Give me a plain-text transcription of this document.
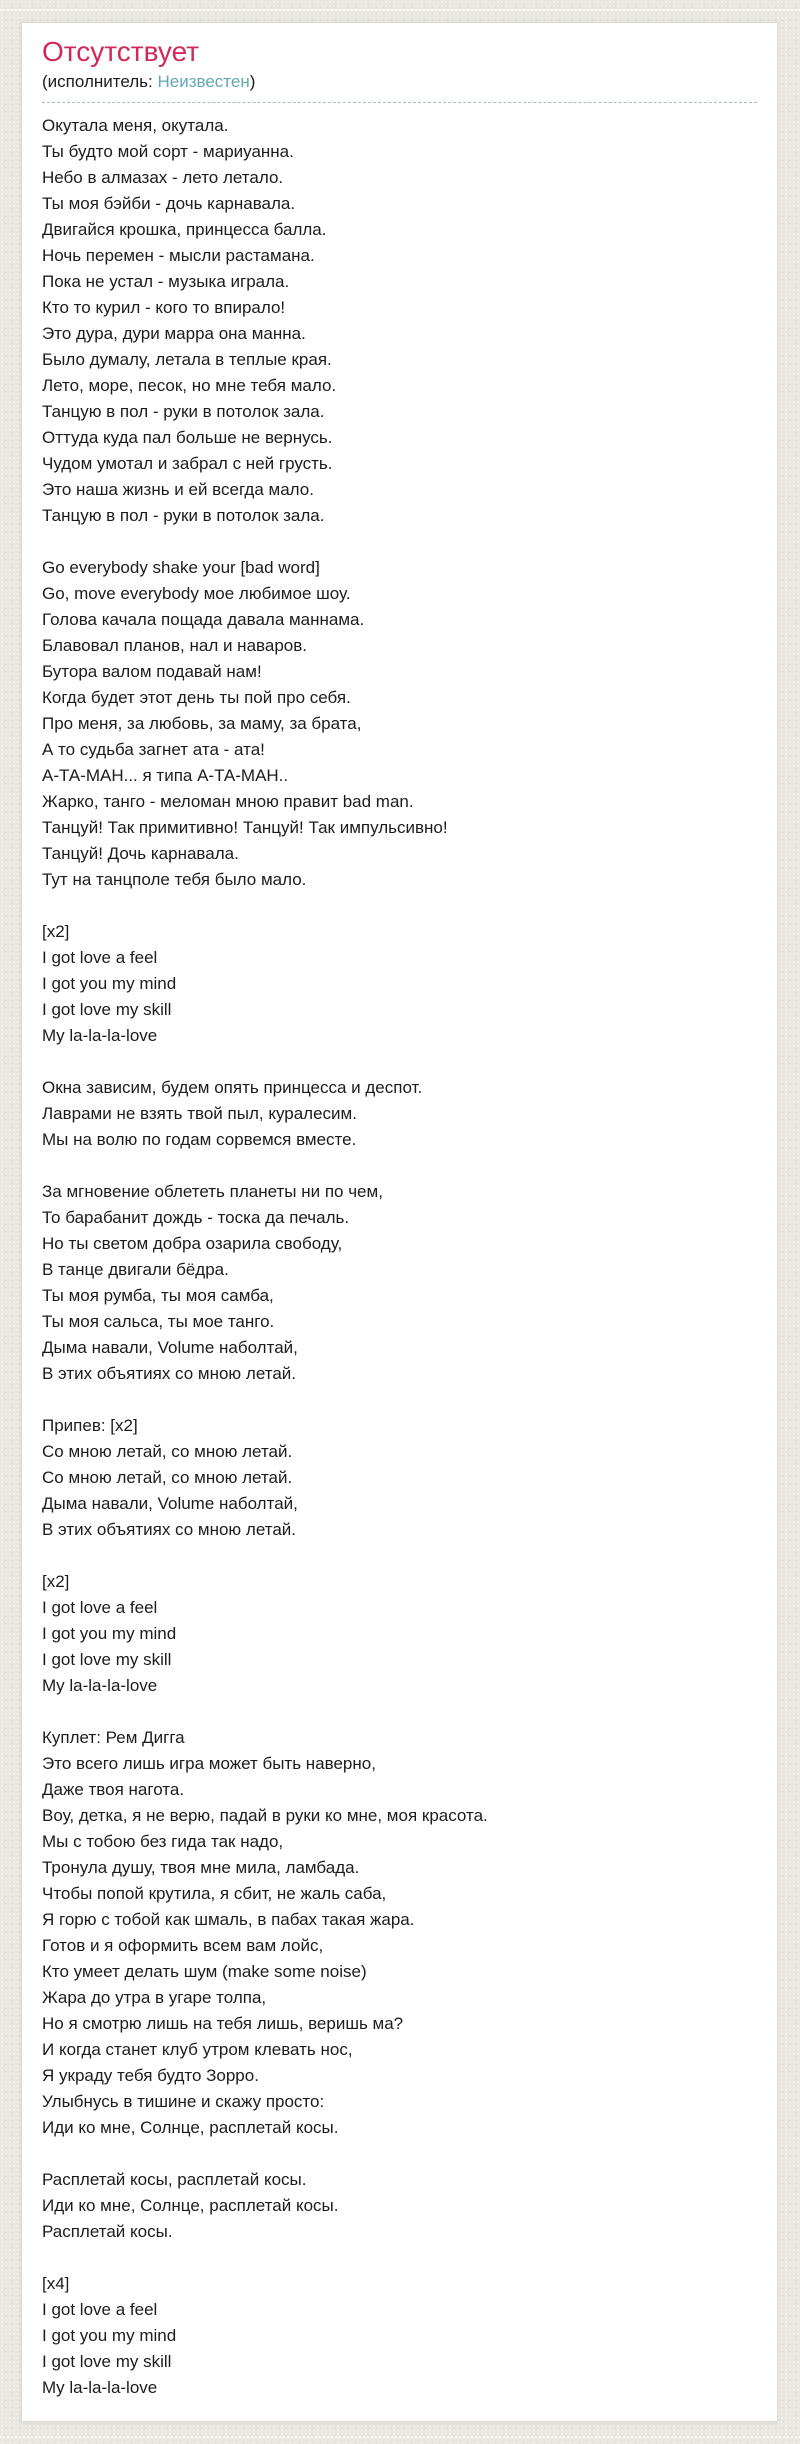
Отсутствует
(исполнитель: Неизвестен)
Окутала меня, окутала.
Ты будто мой сорт - мариуанна.
Небо в алмазах - лето летало.
Ты моя бэйби - дочь карнавала.
Двигайся крошка, принцесса балла.
Ночь перемен - мысли растамана.
Пока не устал - музыка играла.
Кто то курил - кого то впирало!
Это дура, дури марра она манна.
Было думалу, летала в теплые края.
Лето, море, песок, но мне тебя мало.
Танцую в пол - руки в потолок зала.
Оттуда куда пал больше не вернусь.
Чудом умотал и забрал с ней грусть.
Это наша жизнь и ей всегда мало.
Танцую в пол - руки в потолок зала.
Go everybody shake your [bad word]
Go, move everybody мое любимое шоу.
Голова качала пощада давала маннама.
Блавовал планов, нал и наваров.
Бутора валом подавай нам!
Когда будет этот день ты пой про себя.
Про меня, за любовь, за маму, за брата,
А то судьба загнет ата - ата!
А-ТА-МАН... я типа А-ТА-МАН..
Жарко, танго - меломан мною правит bad man.
Танцуй! Так примитивно! Танцуй! Так импульсивно!
Танцуй! Дочь карнавала.
Тут на танцполе тебя было мало.
[x2]
I got love a feel
I got you my mind
I got love my skill
My la-la-la-love
Окна зависим, будем опять принцесса и деспот.
Лаврами не взять твой пыл, куралесим.
Мы на волю по годам сорвемся вместе.
За мгновение облететь планеты ни по чем,
То барабанит дождь - тоска да печаль.
Но ты светом добра озарила свободу,
В танце двигали бёдра.
Ты моя румба, ты моя самба,
Ты моя сальса, ты мое танго.
Дыма навали, Volume наболтай,
В этих объятиях со мною летай.
Припев: [x2]
Со мною летай, со мною летай.
Со мною летай, со мною летай.
Дыма навали, Volume наболтай,
В этих объятиях со мною летай.
[x2]
I got love a feel
I got you my mind
I got love my skill
My la-la-la-love
Куплет: Рем Дигга
Это всего лишь игра может быть наверно,
Даже твоя нагота.
Воу, детка, я не верю, падай в руки ко мне, моя красота.
Мы с тобою без гида так надо,
Тронула душу, твоя мне мила, ламбада.
Чтобы попой крутила, я сбит, не жаль саба,
Я горю с тобой как шмаль, в пабах такая жара.
Готов и я оформить всем вам лойс,
Кто умеет делать шум (make some noise)
Жара до утра в угаре толпа,
Но я смотрю лишь на тебя лишь, веришь ма?
И когда станет клуб утром клевать нос,
Я украду тебя будто Зорро.
Улыбнусь в тишине и скажу просто:
Иди ко мне, Солнце, расплетай косы.
Расплетай косы, расплетай косы.
Иди ко мне, Солнце, расплетай косы.
Расплетай косы.
[x4]
I got love a feel
I got you my mind
I got love my skill
My la-la-la-love
